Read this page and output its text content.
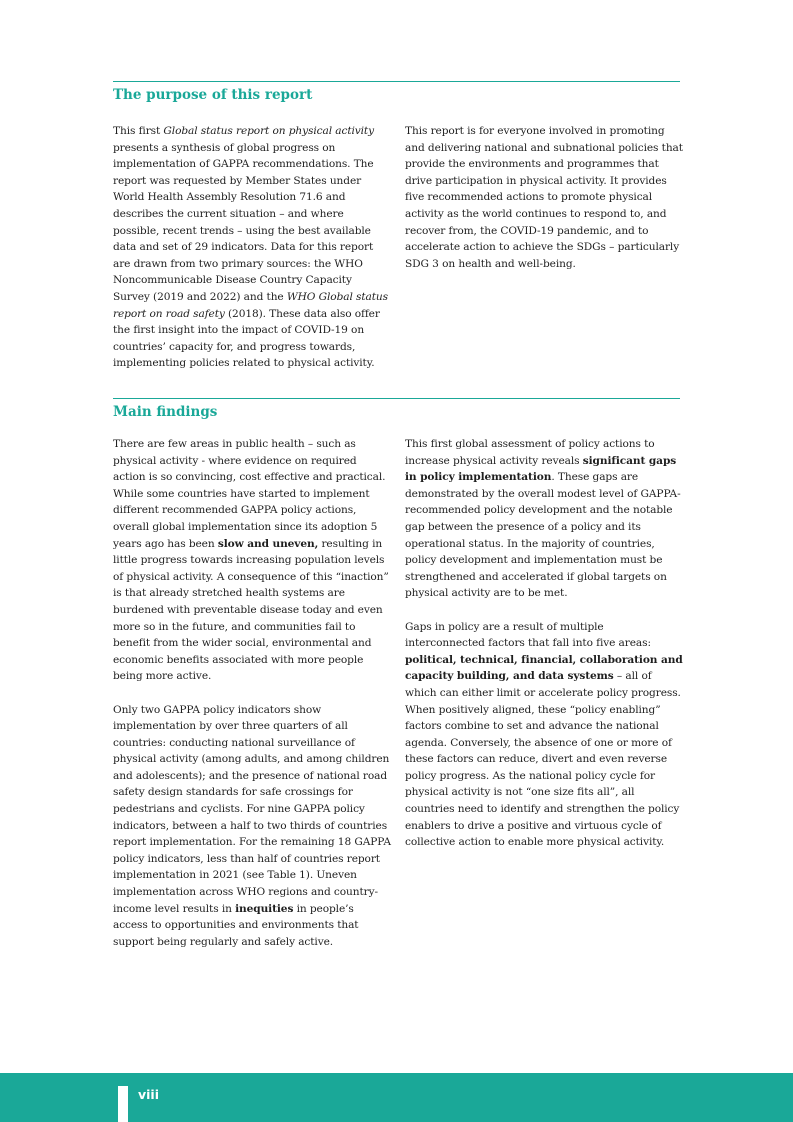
The purpose of this report

This first Global status report on physical activity presents a synthesis of global progress on implementation of GAPPA recommendations. The report was requested by Member States under World Health Assembly Resolution 71.6 and describes the current situation – and where possible, recent trends – using the best available data and set of 29 indicators. Data for this report are drawn from two primary sources: the WHO Noncommunicable Disease Country Capacity Survey (2019 and 2022) and the WHO Global status report on road safety (2018). These data also offer the first insight into the impact of COVID-19 on countries’ capacity for, and progress towards, implementing policies related to physical activity.

This report is for everyone involved in promoting and delivering national and subnational policies that provide the environments and programmes that drive participation in physical activity. It provides five recommended actions to promote physical activity as the world continues to respond to, and recover from, the COVID-19 pandemic, and to accelerate action to achieve the SDGs – particularly SDG 3 on health and well-being.

Main findings

There are few areas in public health – such as physical activity - where evidence on required action is so convincing, cost effective and practical. While some countries have started to implement different recommended GAPPA policy actions, overall global implementation since its adoption 5 years ago has been slow and uneven, resulting in little progress towards increasing population levels of physical activity. A consequence of this “inaction” is that already stretched health systems are burdened with preventable disease today and even more so in the future, and communities fail to benefit from the wider social, environmental and economic benefits associated with more people being more active.

Only two GAPPA policy indicators show implementation by over three quarters of all countries: conducting national surveillance of physical activity (among adults, and among children and adolescents); and the presence of national road safety design standards for safe crossings for pedestrians and cyclists. For nine GAPPA policy indicators, between a half to two thirds of countries report implementation. For the remaining 18 GAPPA policy indicators, less than half of countries report implementation in 2021 (see Table 1). Uneven implementation across WHO regions and country-income level results in inequities in people’s access to opportunities and environments that support being regularly and safely active.

This first global assessment of policy actions to increase physical activity reveals significant gaps in policy implementation. These gaps are demonstrated by the overall modest level of GAPPA-recommended policy development and the notable gap between the presence of a policy and its operational status. In the majority of countries, policy development and implementation must be strengthened and accelerated if global targets on physical activity are to be met.

Gaps in policy are a result of multiple interconnected factors that fall into five areas: political, technical, financial, collaboration and capacity building, and data systems – all of which can either limit or accelerate policy progress. When positively aligned, these “policy enabling” factors combine to set and advance the national agenda. Conversely, the absence of one or more of these factors can reduce, divert and even reverse policy progress. As the national policy cycle for physical activity is not “one size fits all”, all countries need to identify and strengthen the policy enablers to drive a positive and virtuous cycle of collective action to enable more physical activity.

viii
